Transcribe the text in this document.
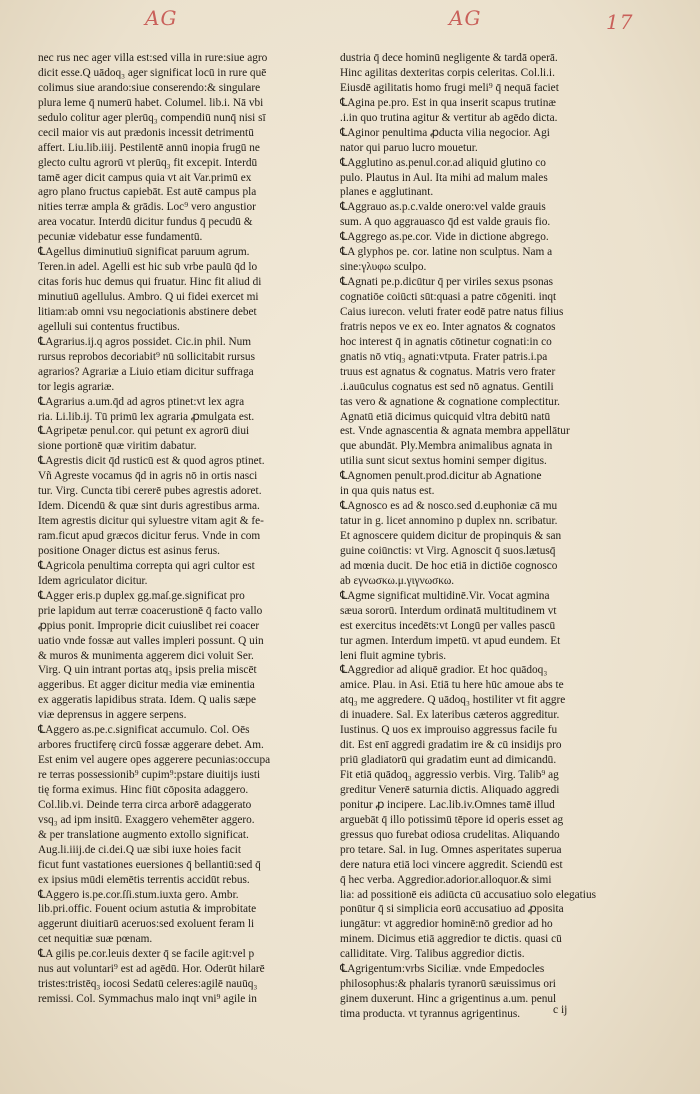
AG	AG	17
nec rus nec ager villa est:sed villa in rure:siue agro
dicit esse.Q uādoq₃ ager significat locū in rure quē
colimus siue arando:siue conserendo:& singulare
plura leme q̄ numerū habet. Columel. lib.i. Nā vbi
sedulo colitur ager plerūq₃ compendiū nunq̄ nisi sī
cecil maior vis aut prædonis incessit detrimentū
affert. Liu.lib.iiij. Pestilentē annū inopia frugū ne
glecto cultu agrorū vt plerūq₃ fit excepit. Interdū
tamē ager dicit campus quia vt ait Var.primū ex
agro plano fructus capiebāt. Est autē campus pla
nities terræ ampla & grādis. Loc⁹ vero angustior
area vocatur. Interdū dicitur fundus q̄ pecudū &
pecuniæ videbatur esse fundamentū.
℄Agellus diminutiuū significat paruum agrum.
Teren.in adel. Agelli est hic sub vrbe paulū q̄d lo
citas foris huc demus qui fruatur. Hinc fit aliud di
minutiuū agellulus. Ambro. Q ui fidei exercet mi
litiam:ab omni vsu negociationis abstinere debet
agelluli sui contentus fructibus.
℄Agrarius.ij.q agros possidet. Cic.in phil. Num
rursus reprobos decoriabit⁹ nū sollicitabit rursus
agrarios? Agrariæ a Liuio etiam dicitur suffraga
tor legis agrariæ.
℄Agrarius a.um.q̄d ad agros ptinet:vt lex agra
ria. Li.lib.ij. Tū primū lex agraria ꝓmulgata est.
℄Agripetæ penul.cor. qui petunt ex agrorū diui
sione portionē quæ viritim dabatur.
℄Agrestis dicit q̄d rusticū est & quod agros ptinet.
Vñ Agreste vocamus q̄d in agris nō in ortis nasci
tur. Virg. Cuncta tibi cererē pubes agrestis adoret.
Idem. Dicendū & quæ sint duris agrestibus arma.
Item agrestis dicitur qui syluestre vitam agit & fe-
ram.ficut apud græcos dicitur ferus. Vnde in com
positione Onager dictus est asinus ferus.
℄Agricola penultima correpta qui agri cultor est
Idem agriculator dicitur.
℄Agger eris.p duplex gg.maſ.ge.significat pro
prie lapidum aut terræ coacerustionē q̄ facto vallo
ꝓpius ponit. Improprie dicit cuiuslibet rei coacer
uatio vnde fossæ aut valles impleri possunt. Q uin
& muros & munimenta aggerem dici voluit Ser.
Virg. Q uin intrant portas atq₃ ipsis prelia miscēt
aggeribus. Et agger dicitur media viæ eminentia
ex aggeratis lapidibus strata. Idem. Q ualis sæpe
viæ deprensus in aggere serpens.
℄Aggero as.pe.c.significat accumulo. Col. Oēs
arbores fructiferę circū fossæ aggerare debet. Am.
Est enim vel augere opes aggerere pecunias:occupa
re terras possessionib⁹ cupim⁹:pstare diuitijs iusti
tię forma eximus. Hinc fiūt cōposita adaggero.
Col.lib.vi. Deinde terra circa arborē adaggerato
vsq₃ ad ipm insitū. Exaggero vehemēter aggero.
& per translatione augmento extollo significat.
Aug.li.iiij.de ci.dei.Q uæ sibi iuxe hoies facit
ficut funt vastationes euersiones q̄ bellantiū:sed q̄
ex ipsius mūdi elemētis terrentis accidūt rebus.
℄Aggero is.pe.cor.ſſi.stum.iuxta gero. Ambr.
lib.pri.offic. Fouent ocium astutia & improbitate
aggerunt diuitiarū aceruos:sed exoluent feram li
cet nequitiæ suæ pœnam.
℄A gilis pe.cor.leuis dexter q̄ se facile agit:vel p
nus aut voluntari⁹ est ad agēdū. Hor. Oderūt hilarē
tristes:tristēq₃ iocosi Sedatū celeres:agilē nauūq₃
remissi. Col. Symmachus malo inqt vni⁹ agile in
dustria q̄ dece hominū negligente & tardā operā.
Hinc agilitas dexteritas corpis celeritas. Col.li.i.
Eiusdē agilitatis homo frugi meli⁹ q̄ nequā faciet
℄Agina pe.pro. Est in qua inserit scapus trutinæ
.i.in quo trutina agitur & vertitur ab agēdo dicta.
℄Aginor penultima ꝓducta vilia negocior. Agi
nator qui paruo lucro mouetur.
℄Agglutino as.penul.cor.ad aliquid glutino co
pulo. Plautus in Aul. Ita mihi ad malum males
planes e agglutinant.
℄Aggrauo as.p.c.valde onero:vel valde grauis
sum. A quo aggrauasco q̄d est valde grauis fio.
℄Aggrego as.pe.cor. Vide in dictione abgrego.
℄A glyphos pe. cor. latine non sculptus. Nam a
sine:γλυφω sculpo.
℄Agnati pe.p.dicūtur q̄ per viriles sexus psonas
cognatiōe coiūcti sūt:quasi a patre cōgeniti. inqt
Caius iurecon. veluti frater eodē patre natus filius
fratris nepos ve ex eo. Inter agnatos & cognatos
hoc interest q̄ in agnatis cōtinetur cognati:in co
gnatis nō vtiq₃ agnati:vtputa. Frater patris.i.pa
truus est agnatus & cognatus. Matris vero frater
.i.auūculus cognatus est sed nō agnatus. Gentili
tas vero & agnatione & cognatione complectitur.
Agnatū etiā dicimus quicquid vltra debitū natū
est. Vnde agnascentia & agnata membra appellātur
que abundāt. Ply.Membra animalibus agnata in
utilia sunt sicut sextus homini semper digitus.
℄Agnomen penult.prod.dicitur ab Agnatione
in qua quis natus est.
℄Agnosco es ad & nosco.sed d.euphoniæ cā mu
tatur in g. licet annomino p duplex nn. scribatur.
Et agnoscere quidem dicitur de propinquis & san
guine coiūnctis: vt Virg. Agnoscit q̄ suos.lætusq̄
ad mœnia ducit. De hoc etiā in dictiōe cognosco
ab εγνωσκω.μ.γιγνωσκω.
℄Agme significat multidinē.Vir. Vocat agmina
sæua sororū. Interdum ordinatā multitudinem vt
est exercitus incedēts:vt Longū per valles pascū
tur agmen. Interdum impetū. vt apud eundem. Et
leni fluit agmine tybris.
℄Aggredior ad aliquē gradior. Et hoc quādoq₃
amice. Plau. in Asi. Etiā tu here hūc amoue abs te
atq₃ me aggredere. Q uādoq₃ hostiliter vt fit aggre
di inuadere. Sal. Ex lateribus cæteros aggreditur.
Iustinus. Q uos ex improuiso aggressus facile fu
dit. Est enī aggredi gradatim ire & cū insidijs pro
priū gladiatorū qui gradatim eunt ad dimicandū.
Fit etiā quādoq₃ aggressio verbis. Virg. Talib⁹ ag
greditur Venerē saturnia dictis. Aliquado aggredi
ponitur ꝓ incipere. Lac.lib.iv.Omnes tamē illud
arguebāt q̄ illo potissimū tēpore id operis esset ag
gressus quo furebat odiosa crudelitas. Aliquando
pro tetare. Sal. in Iug. Omnes asperitates superua
dere natura etiā loci vincere aggredit. Sciendū est
q̄ hec verba. Aggredior.adorior.alloquor.& simi
lia: ad possitionē eis adiūcta cū accusatiuo solo elegatius
ponūtur q̄ si simplicia eorū accusatiuo ad ꝓposita
iungātur: vt aggredior hominē:nō gredior ad ho
minem. Dicimus etiā aggredior te dictis. quasi cū
calliditate. Virg. Talibus aggredior dictis.
℄Agrigentum:vrbs Siciliæ. vnde Empedocles
philosophus:& phalaris tyranorū sæuissimus ori
ginem duxerunt. Hinc a grigentinus a.um. penul
tima producta. vt tyrannus agrigentinus.	c ij
